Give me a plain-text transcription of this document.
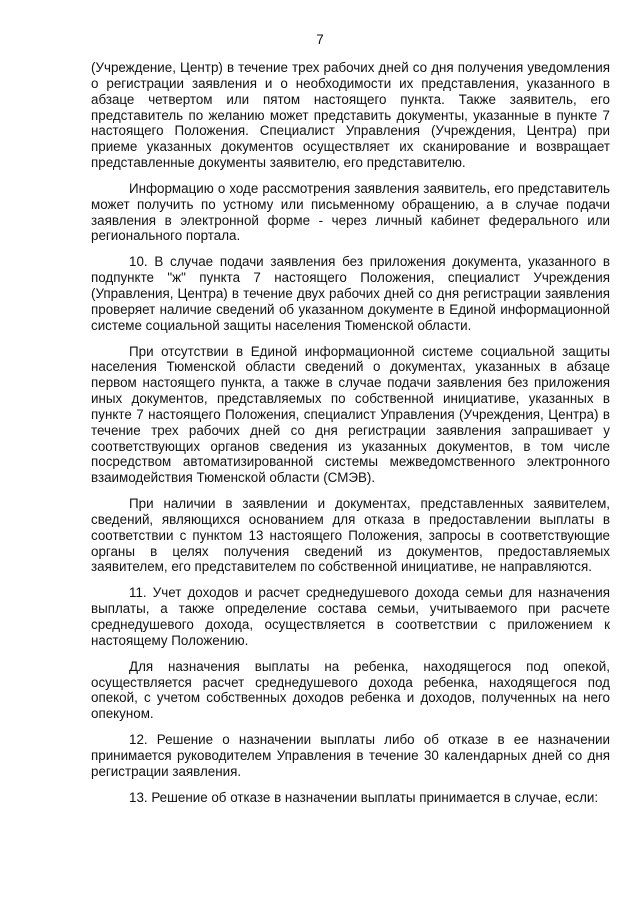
7

(Учреждение, Центр) в течение трех рабочих дней со дня получения уведомления о регистрации заявления и о необходимости их представления, указанного в абзаце четвертом или пятом настоящего пункта. Также заявитель, его представитель по желанию может представить документы, указанные в пункте 7 настоящего Положения. Специалист Управления (Учреждения, Центра) при приеме указанных документов осуществляет их сканирование и возвращает представленные документы заявителю, его представителю.

Информацию о ходе рассмотрения заявления заявитель, его представитель может получить по устному или письменному обращению, а в случае подачи заявления в электронной форме - через личный кабинет федерального или регионального портала.

10. В случае подачи заявления без приложения документа, указанного в подпункте "ж" пункта 7 настоящего Положения, специалист Учреждения (Управления, Центра) в течение двух рабочих дней со дня регистрации заявления проверяет наличие сведений об указанном документе в Единой информационной системе социальной защиты населения Тюменской области.

При отсутствии в Единой информационной системе социальной защиты населения Тюменской области сведений о документах, указанных в абзаце первом настоящего пункта, а также в случае подачи заявления без приложения иных документов, представляемых по собственной инициативе, указанных в пункте 7 настоящего Положения, специалист Управления (Учреждения, Центра) в течение трех рабочих дней со дня регистрации заявления запрашивает у соответствующих органов сведения из указанных документов, в том числе посредством автоматизированной системы межведомственного электронного взаимодействия Тюменской области (СМЭВ).

При наличии в заявлении и документах, представленных заявителем, сведений, являющихся основанием для отказа в предоставлении выплаты в соответствии с пунктом 13 настоящего Положения, запросы в соответствующие органы в целях получения сведений из документов, предоставляемых заявителем, его представителем по собственной инициативе, не направляются.

11. Учет доходов и расчет среднедушевого дохода семьи для назначения выплаты, а также определение состава семьи, учитываемого при расчете среднедушевого дохода, осуществляется в соответствии с приложением к настоящему Положению.

Для назначения выплаты на ребенка, находящегося под опекой, осуществляется расчет среднедушевого дохода ребенка, находящегося под опекой, с учетом собственных доходов ребенка и доходов, полученных на него опекуном.

12. Решение о назначении выплаты либо об отказе в ее назначении принимается руководителем Управления в течение 30 календарных дней со дня регистрации заявления.

13. Решение об отказе в назначении выплаты принимается в случае, если:
